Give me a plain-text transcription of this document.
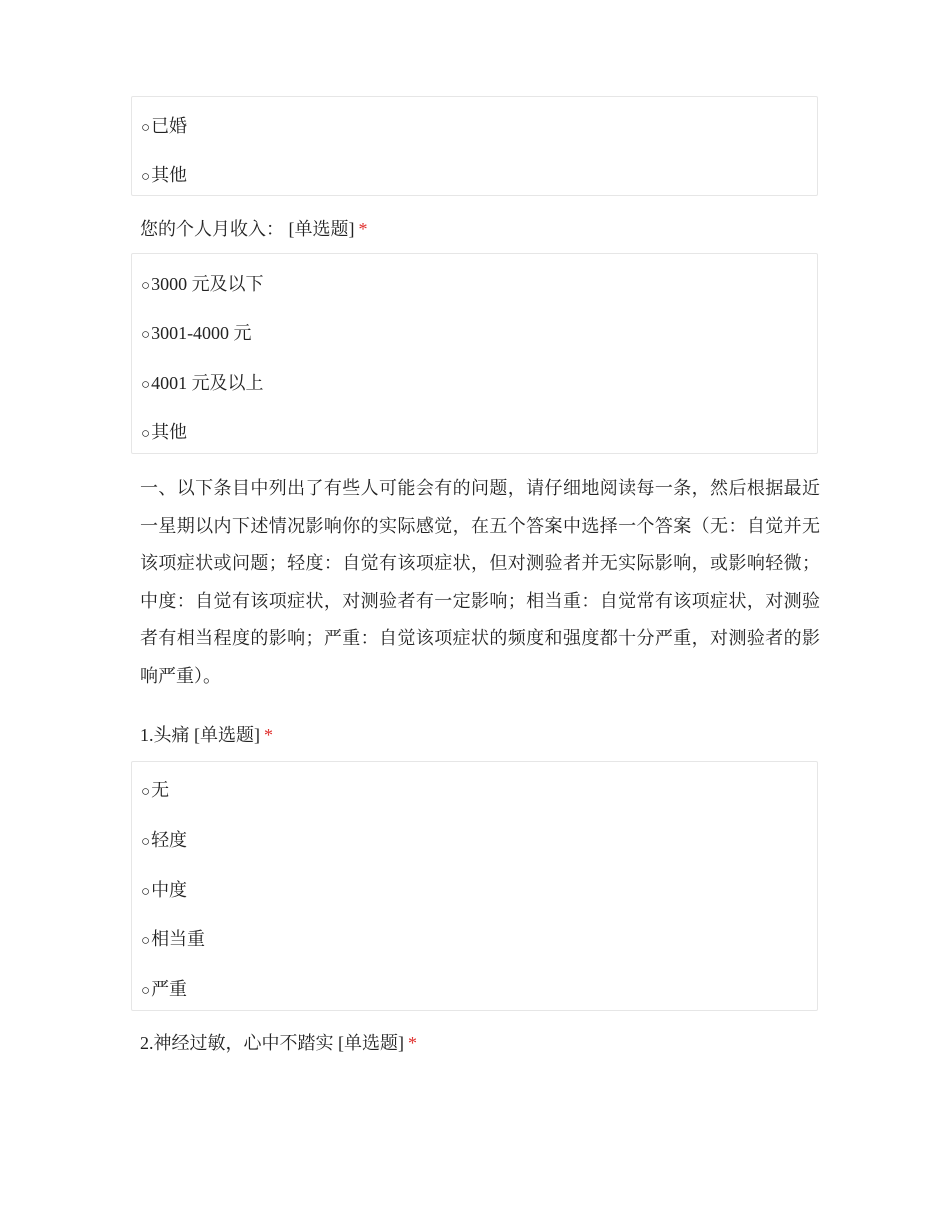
○已婚
○其他
您的个人月收入： [单选题] *
○3000 元及以下
○3001-4000 元
○4001 元及以上
○其他
一、以下条目中列出了有些人可能会有的问题，请仔细地阅读每一条，然后根据最近一星期以内下述情况影响你的实际感觉，在五个答案中选择一个答案（无：自觉并无该项症状或问题；轻度：自觉有该项症状，但对测验者并无实际影响，或影响轻微；中度：自觉有该项症状，对测验者有一定影响；相当重：自觉常有该项症状，对测验者有相当程度的影响；严重：自觉该项症状的频度和强度都十分严重，对测验者的影响严重）。
1.头痛 [单选题] *
○无
○轻度
○中度
○相当重
○严重
2.神经过敏，心中不踏实 [单选题] *
